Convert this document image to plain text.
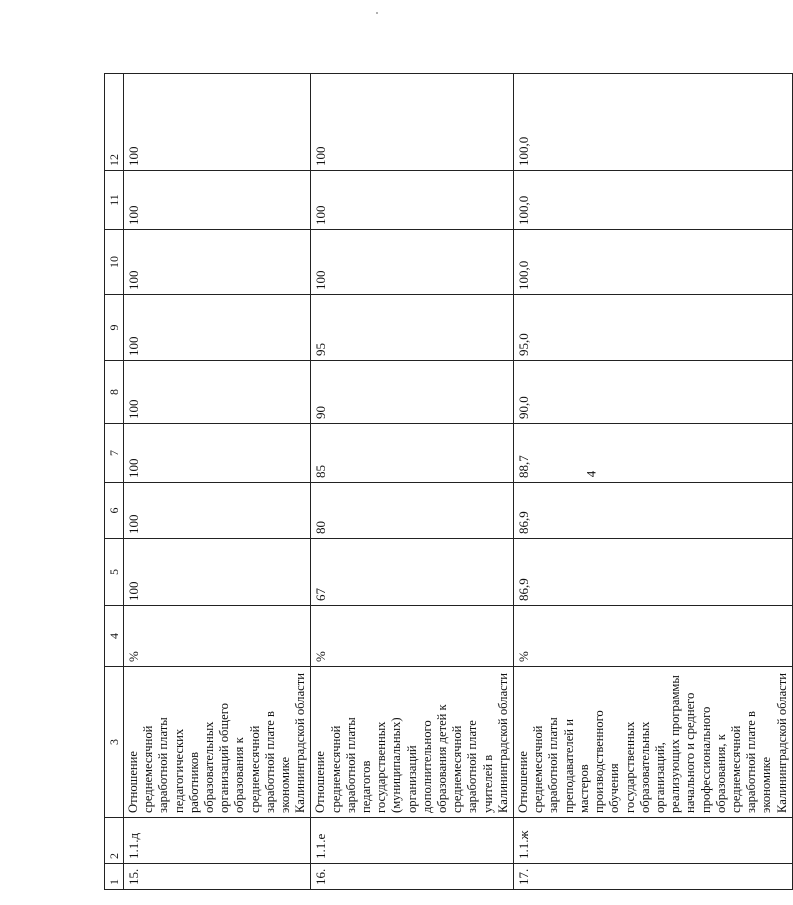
1	2	3	4	5	6	7	8	9	10	11	12
15.	1.1.д	Отношение среднемесячной заработной платы педагогических работников образовательных организаций общего образования к среднемесячной заработной плате в экономике Калининградской области	%	100	100	100	100	100	100	100	100
16.	1.1.е	Отношение среднемесячной заработной платы педагогов государственных (муниципальных) организаций дополнительного образования детей к среднемесячной заработной плате учителей в Калининградской области	%	67	80	85	90	95	100	100	100
17.	1.1.ж	Отношение среднемесячной заработной платы преподавателей и мастеров производственного обучения государственных образовательных организаций, реализующих программы начального и среднего профессионального образования, к среднемесячной заработной плате в экономике Калининградской области	%	86,9	86,9	88,7	90,0	95,0	100,0	100,0	100,0
4
